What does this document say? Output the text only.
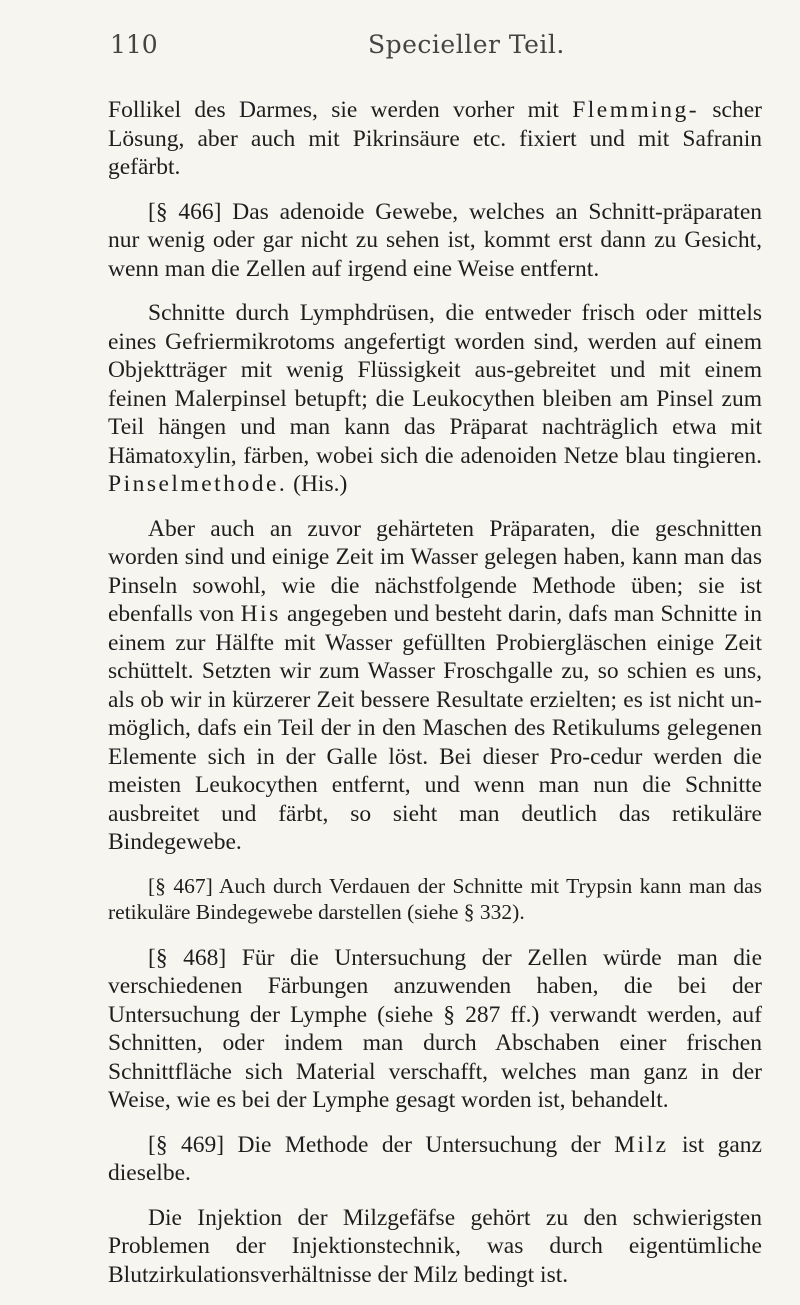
110	Specieller Teil.

Follikel des Darmes, sie werden vorher mit Flemming- scher Lösung, aber auch mit Pikrinsäure etc. fixiert und mit Safranin gefärbt.

[§ 466] Das adenoide Gewebe, welches an Schnitt-präparaten nur wenig oder gar nicht zu sehen ist, kommt erst dann zu Gesicht, wenn man die Zellen auf irgend eine Weise entfernt.

Schnitte durch Lymphdrüsen, die entweder frisch oder mittels eines Gefriermikrotoms angefertigt worden sind, werden auf einem Objektträger mit wenig Flüssigkeit aus-gebreitet und mit einem feinen Malerpinsel betupft; die Leukocythen bleiben am Pinsel zum Teil hängen und man kann das Präparat nachträglich etwa mit Hämatoxylin, färben, wobei sich die adenoiden Netze blau tingieren. Pinselmethode. (His.)

Aber auch an zuvor gehärteten Präparaten, die geschnitten worden sind und einige Zeit im Wasser gelegen haben, kann man das Pinseln sowohl, wie die nächstfolgende Methode üben; sie ist ebenfalls von His angegeben und besteht darin, dafs man Schnitte in einem zur Hälfte mit Wasser gefüllten Probiergläschen einige Zeit schüttelt. Setzten wir zum Wasser Froschgalle zu, so schien es uns, als ob wir in kürzerer Zeit bessere Resultate erzielten; es ist nicht un-möglich, dafs ein Teil der in den Maschen des Retikulums gelegenen Elemente sich in der Galle löst. Bei dieser Pro-cedur werden die meisten Leukocythen entfernt, und wenn man nun die Schnitte ausbreitet und färbt, so sieht man deutlich das retikuläre Bindegewebe.

[§ 467] Auch durch Verdauen der Schnitte mit Trypsin kann man das retikuläre Bindegewebe darstellen (siehe § 332).

[§ 468] Für die Untersuchung der Zellen würde man die verschiedenen Färbungen anzuwenden haben, die bei der Untersuchung der Lymphe (siehe § 287 ff.) verwandt werden, auf Schnitten, oder indem man durch Abschaben einer frischen Schnittfläche sich Material verschafft, welches man ganz in der Weise, wie es bei der Lymphe gesagt worden ist, behandelt.

[§ 469] Die Methode der Untersuchung der Milz ist ganz dieselbe.

Die Injektion der Milzgefäfse gehört zu den schwierigsten Problemen der Injektionstechnik, was durch eigentümliche Blutzirkulationsverhältnisse der Milz bedingt ist.
